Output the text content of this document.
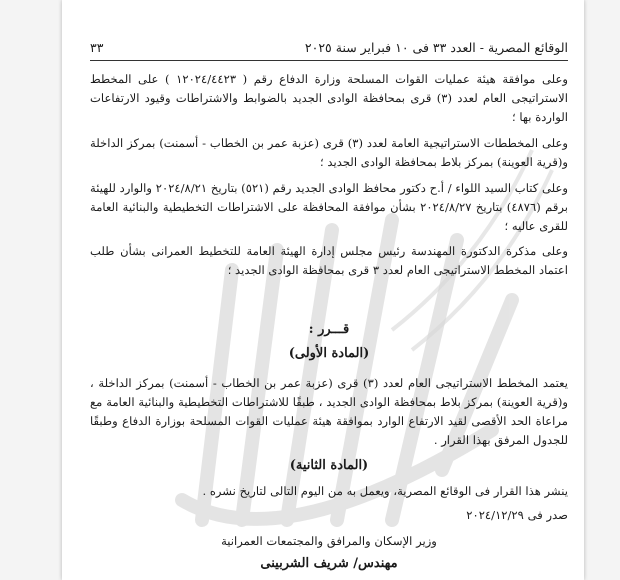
الوقائع المصرية - العدد ٣٣ فى ١٠ فبراير سنة ٢٠٢٥
٣٣

وعلى موافقة هيئة عمليات القوات المسلحة وزارة الدفاع رقم ( ١٢٠٢٤/٤٤٢٣ ) على المخطط الاستراتيجى العام لعدد (٣) قرى بمحافظة الوادى الجديد بالضوابط والاشتراطات وقيود الارتفاعات الواردة بها ؛

وعلى المخططات الاستراتيجية العامة لعدد (٣) قرى (عزبة عمر بن الخطاب - أسمنت) بمركز الداخلة و(قرية العوينة) بمركز بلاط بمحافظة الوادى الجديد ؛

وعلى كتاب السيد اللواء / أ.ح دكتور محافظ الوادى الجديد رقم (٥٢١) بتاريخ ٢٠٢٤/٨/٢١ والوارد للهيئة برقم (٤٨٧٦) بتاريخ ٢٠٢٤/٨/٢٧ بشأن موافقة المحافظة على الاشتراطات التخطيطية والبنائية العامة للقرى عاليه ؛

وعلى مذكرة الدكتورة المهندسة رئيس مجلس إدارة الهيئة العامة للتخطيط العمرانى بشأن طلب اعتماد المخطط الاستراتيجى العام لعدد ٣ قرى بمحافظة الوادى الجديد ؛

قـــرر :

(المادة الأولى)

يعتمد المخطط الاستراتيجى العام لعدد (٣) قرى (عزبة عمر بن الخطاب - أسمنت) بمركز الداخلة ، و(قرية العوينة) بمركز بلاط بمحافظة الوادى الجديد ، طبقًا للاشتراطات التخطيطية والبنائية العامة مع مراعاة الحد الأقصى لقيد الارتفاع الوارد بموافقة هيئة عمليات القوات المسلحة بوزارة الدفاع وطبقًا للجدول المرفق بهذا القرار .

(المادة الثانية)

ينشر هذا القرار فى الوقائع المصرية، ويعمل به من اليوم التالى لتاريخ نشره .

صدر فى ٢٠٢٤/١٢/٢٩

وزير الإسكان والمرافق والمجتمعات العمرانية

مهندس/ شريف الشربينى
